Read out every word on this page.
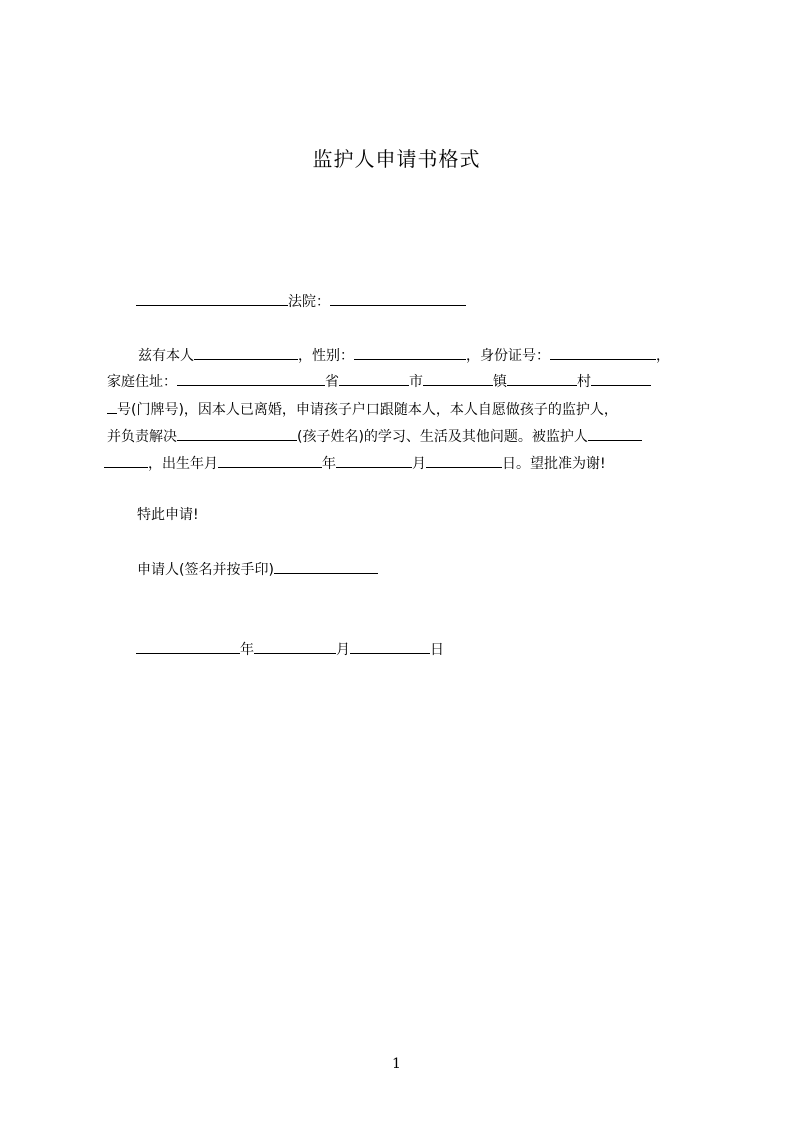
监护人申请书格式
法院：
兹有本人	，性别：	，身份证号：	，
家庭住址：	省	市	镇	村
号(门牌号)，因本人已离婚，申请孩子户口跟随本人，本人自愿做孩子的监护人，
并负责解决	(孩子姓名)的学习、生活及其他问题。被监护人
，出生年月	年	月	日。望批准为谢!
特此申请!
申请人(签名并按手印)
年	月	日
1
